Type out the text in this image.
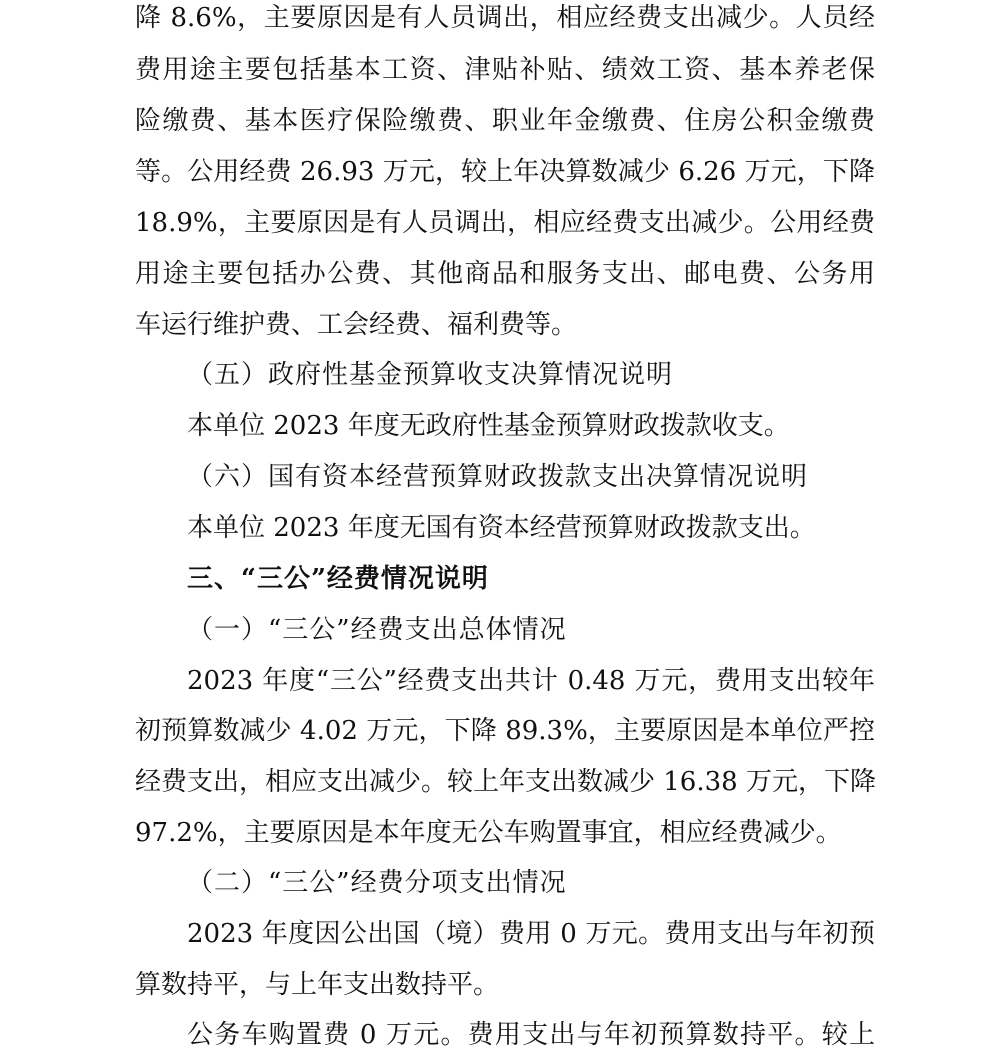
降 8.6%，主要原因是有人员调出，相应经费支出减少。人员经
费用途主要包括基本工资、津贴补贴、绩效工资、基本养老保
险缴费、基本医疗保险缴费、职业年金缴费、住房公积金缴费
等。公用经费 26.93 万元，较上年决算数减少 6.26 万元，下降
18.9%，主要原因是有人员调出，相应经费支出减少。公用经费
用途主要包括办公费、其他商品和服务支出、邮电费、公务用
车运行维护费、工会经费、福利费等。
（五）政府性基金预算收支决算情况说明
本单位 2023 年度无政府性基金预算财政拨款收支。
（六）国有资本经营预算财政拨款支出决算情况说明
本单位 2023 年度无国有资本经营预算财政拨款支出。
三、“三公”经费情况说明
（一）“三公”经费支出总体情况
2023 年度“三公”经费支出共计 0.48 万元，费用支出较年
初预算数减少 4.02 万元，下降 89.3%，主要原因是本单位严控
经费支出，相应支出减少。较上年支出数减少 16.38 万元，下降
97.2%，主要原因是本年度无公车购置事宜，相应经费减少。
（二）“三公”经费分项支出情况
2023 年度因公出国（境）费用 0 万元。费用支出与年初预
算数持平，与上年支出数持平。
公务车购置费 0 万元。费用支出与年初预算数持平。较上
